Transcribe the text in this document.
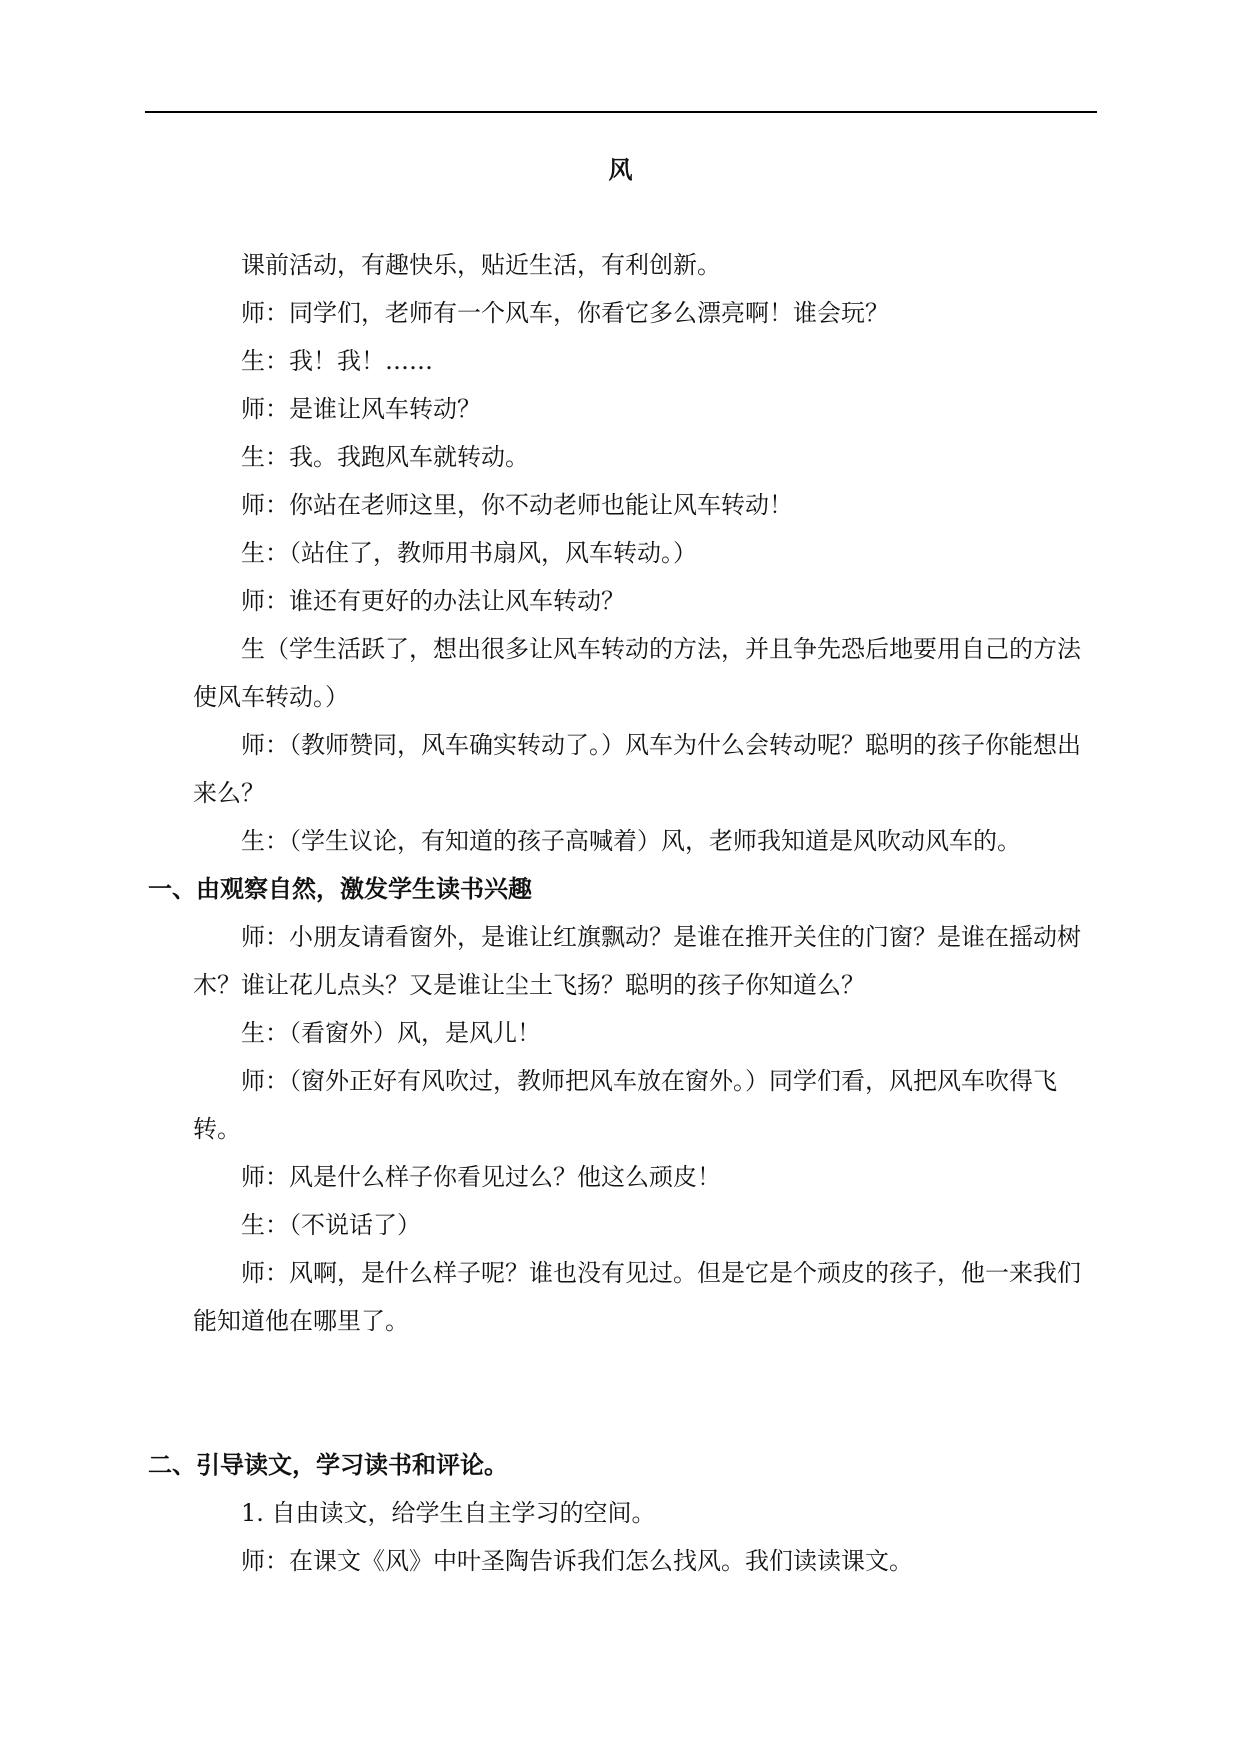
风
课前活动，有趣快乐，贴近生活，有利创新。
师：同学们，老师有一个风车，你看它多么漂亮啊！谁会玩？
生：我！我！……
师：是谁让风车转动？
生：我。我跑风车就转动。
师：你站在老师这里，你不动老师也能让风车转动！
生：（站住了，教师用书扇风，风车转动。）
师：谁还有更好的办法让风车转动？
生（学生活跃了，想出很多让风车转动的方法，并且争先恐后地要用自己的方法使风车转动。）
师：（教师赞同，风车确实转动了。）风车为什么会转动呢？聪明的孩子你能想出来么？
生：（学生议论，有知道的孩子高喊着）风，老师我知道是风吹动风车的。
一、由观察自然，激发学生读书兴趣
师：小朋友请看窗外，是谁让红旗飘动？是谁在推开关住的门窗？是谁在摇动树木？谁让花儿点头？又是谁让尘土飞扬？聪明的孩子你知道么？
生：（看窗外）风，是风儿！
师：（窗外正好有风吹过，教师把风车放在窗外。）同学们看，风把风车吹得飞转。
师：风是什么样子你看见过么？他这么顽皮！
生：（不说话了）
师：风啊，是什么样子呢？谁也没有见过。但是它是个顽皮的孩子，他一来我们能知道他在哪里了。
二、引导读文，学习读书和评论。
1. 自由读文，给学生自主学习的空间。
师：在课文《风》中叶圣陶告诉我们怎么找风。我们读读课文。
